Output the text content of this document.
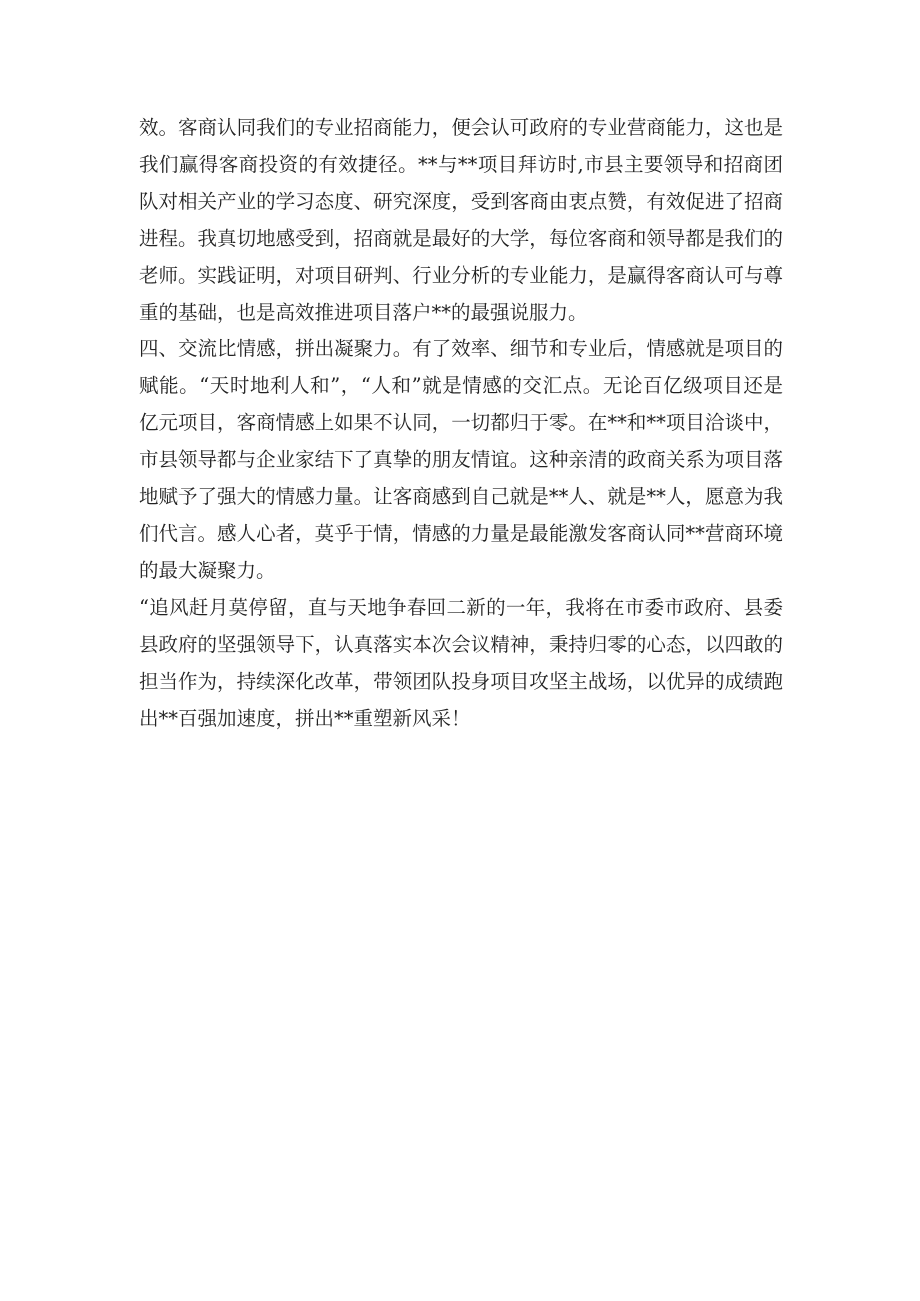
效。客商认同我们的专业招商能力，便会认可政府的专业营商能力，这也是我们赢得客商投资的有效捷径。**与**项目拜访时,市县主要领导和招商团队对相关产业的学习态度、研究深度，受到客商由衷点赞，有效促进了招商进程。我真切地感受到，招商就是最好的大学，每位客商和领导都是我们的老师。实践证明，对项目研判、行业分析的专业能力，是赢得客商认可与尊重的基础，也是高效推进项目落户**的最强说服力。

四、交流比情感，拼出凝聚力。有了效率、细节和专业后，情感就是项目的赋能。“天时地利人和”，“人和”就是情感的交汇点。无论百亿级项目还是亿元项目，客商情感上如果不认同，一切都归于零。在**和**项目洽谈中，市县领导都与企业家结下了真挚的朋友情谊。这种亲清的政商关系为项目落地赋予了强大的情感力量。让客商感到自己就是**人、就是**人，愿意为我们代言。感人心者，莫乎于情，情感的力量是最能激发客商认同**营商环境的最大凝聚力。

“追风赶月莫停留，直与天地争春回二新的一年，我将在市委市政府、县委县政府的坚强领导下，认真落实本次会议精神，秉持归零的心态，以四敢的担当作为，持续深化改革，带领团队投身项目攻坚主战场，以优异的成绩跑出**百强加速度，拼出**重塑新风采！
